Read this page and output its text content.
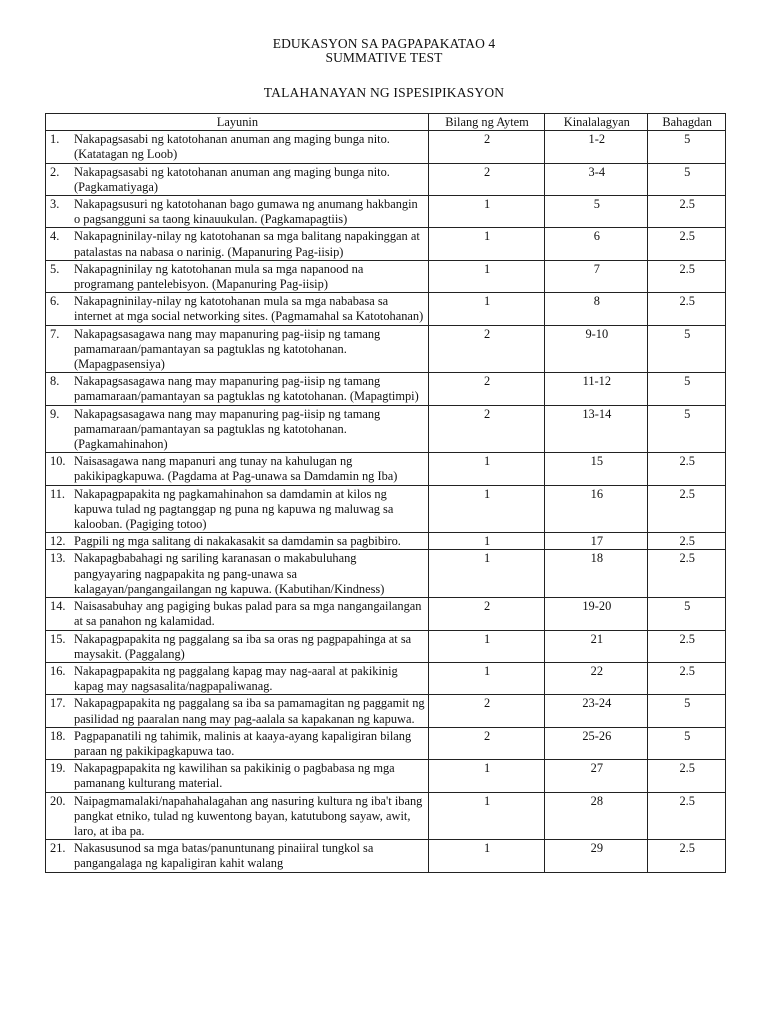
EDUKASYON SA PAGPAPAKATAO 4
SUMMATIVE TEST
TALAHANAYAN NG ISPESIPIKASYON
Layunin	Bilang ng Aytem	Kinalalagyan	Bahagdan

1. Nakapagsasabi ng katotohanan anuman ang maging bunga nito. (Katatagan ng Loob)	2	1-2	5

2. Nakapagsasabi ng katotohanan anuman ang maging bunga nito. (Pagkamatiyaga)	2	3-4	5

3. Nakapagsusuri ng katotohanan bago gumawa ng anumang hakbangin o pagsangguni sa taong kinauukulan. (Pagkamapagtiis)	1	5	2.5

4. Nakapagninilay-nilay ng katotohanan sa mga balitang napakinggan at patalastas na nabasa o narinig. (Mapanuring Pag-iisip)	1	6	2.5

5. Nakapagninilay ng katotohanan mula sa mga napanood na programang pantelebisyon. (Mapanuring Pag-iisip)	1	7	2.5

6. Nakapagninilay-nilay ng katotohanan mula sa mga nababasa sa internet at mga social networking sites. (Pagmamahal sa Katotohanan)	1	8	2.5

7. Nakapagsasagawa nang may mapanuring pag-iisip ng tamang pamamaraan/pamantayan sa pagtuklas ng katotohanan. (Mapagpasensiya)	2	9-10	5

8. Nakapagsasagawa nang may mapanuring pag-iisip ng tamang pamamaraan/pamantayan sa pagtuklas ng katotohanan. (Mapagtimpi)	2	11-12	5

9. Nakapagsasagawa nang may mapanuring pag-iisip ng tamang pamamaraan/pamantayan sa pagtuklas ng katotohanan. (Pagkamahinahon)	2	13-14	5

10. Naisasagawa nang mapanuri ang tunay na kahulugan ng pakikipagkapuwa. (Pagdama at Pag-unawa sa Damdamin ng Iba)	1	15	2.5

11. Nakapagpapakita ng pagkamahinahon sa damdamin at kilos ng kapuwa tulad ng pagtanggap ng puna ng kapuwa ng maluwag sa kalooban. (Pagiging totoo)	1	16	2.5

12. Pagpili ng mga salitang di nakakasakit sa damdamin sa pagbibiro.	1	17	2.5

13. Nakapagbabahagi ng sariling karanasan o makabuluhang pangyayaring nagpapakita ng pang-unawa sa kalagayan/pangangailangan ng kapuwa. (Kabutihan/Kindness)	1	18	2.5

14. Naisasabuhay ang pagiging bukas palad para sa mga nangangailangan at sa panahon ng kalamidad.	2	19-20	5

15. Nakapagpapakita ng paggalang sa iba sa oras ng pagpapahinga at sa maysakit. (Paggalang)	1	21	2.5

16. Nakapagpapakita ng paggalang kapag may nag-aaral at pakikinig kapag may nagsasalita/nagpapaliwanag.	1	22	2.5

17. Nakapagpapakita ng paggalang sa iba sa pamamagitan ng paggamit ng pasilidad ng paaralan nang may pag-aalala sa kapakanan ng kapuwa.	2	23-24	5

18. Pagpapanatili ng tahimik, malinis at kaaya-ayang kapaligiran bilang paraan ng pakikipagkapuwa tao.	2	25-26	5

19. Nakapagpapakita ng kawilihan sa pakikinig o pagbabasa ng mga pamanang kulturang material.	1	27	2.5

20. Naipagmamalaki/napahahalagahan ang nasuring kultura ng iba't ibang pangkat etniko, tulad ng kuwentong bayan, katutubong sayaw, awit, laro, at iba pa.	1	28	2.5

21. Nakasusunod sa mga batas/panuntunang pinaiiral tungkol sa pangangalaga ng kapaligiran kahit walang	1	29	2.5
